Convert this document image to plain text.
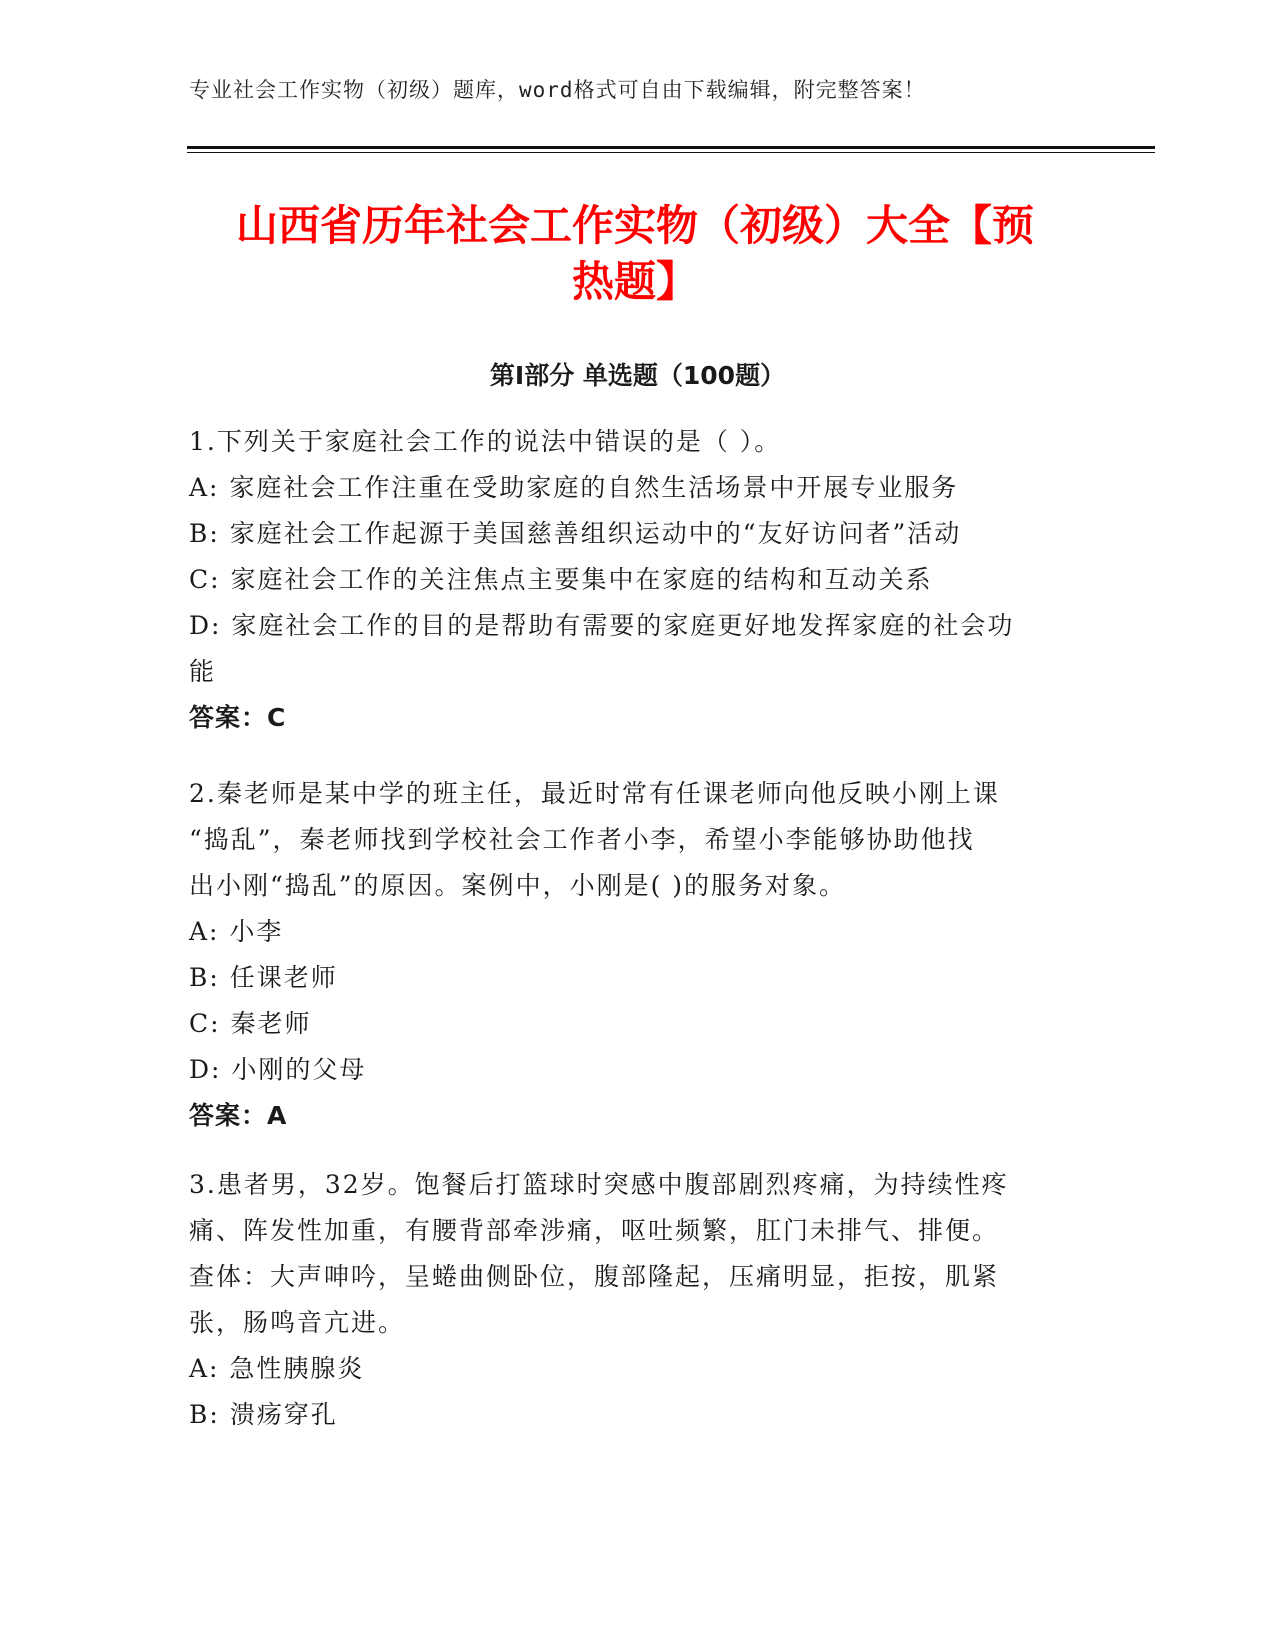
专业社会工作实物（初级）题库，word格式可自由下载编辑，附完整答案！
山西省历年社会工作实物（初级）大全【预
热题】
第Ⅰ部分 单选题（100题）
1.下列关于家庭社会工作的说法中错误的是（ ）。
A: 家庭社会工作注重在受助家庭的自然生活场景中开展专业服务
B: 家庭社会工作起源于美国慈善组织运动中的“友好访问者”活动
C: 家庭社会工作的关注焦点主要集中在家庭的结构和互动关系
D: 家庭社会工作的目的是帮助有需要的家庭更好地发挥家庭的社会功
能
答案：C
2.秦老师是某中学的班主任，最近时常有任课老师向他反映小刚上课
“捣乱”，秦老师找到学校社会工作者小李，希望小李能够协助他找
出小刚“捣乱”的原因。案例中，小刚是( )的服务对象。
A: 小李
B: 任课老师
C: 秦老师
D: 小刚的父母
答案：A
3.患者男，32岁。饱餐后打篮球时突感中腹部剧烈疼痛，为持续性疼
痛、阵发性加重，有腰背部牵涉痛，呕吐频繁，肛门未排气、排便。
查体：大声呻吟，呈蜷曲侧卧位，腹部隆起，压痛明显，拒按，肌紧
张，肠鸣音亢进。
A: 急性胰腺炎
B: 溃疡穿孔
